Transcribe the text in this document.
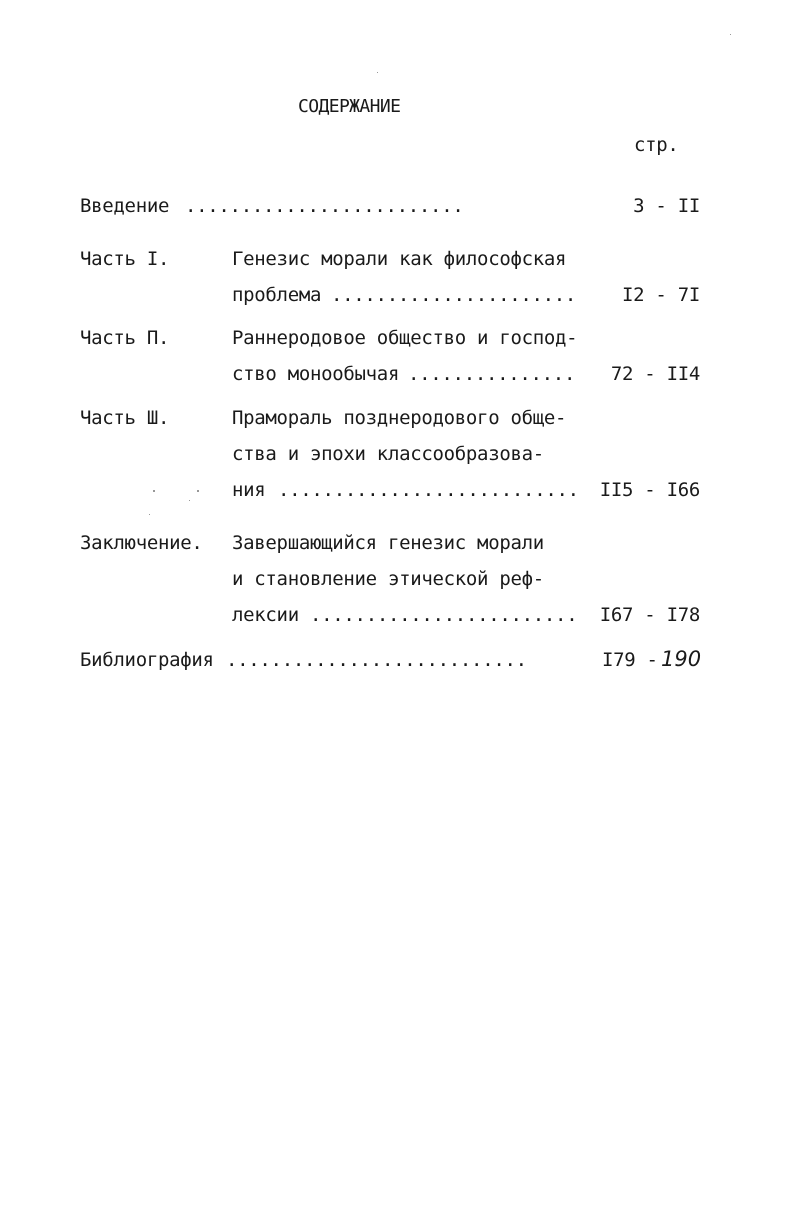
СОДЕРЖАНИЕ
стр.
Введение .........................	3 - II
Часть I.	Генезис морали как философская
проблема ...................... I2 - 7I
Часть П.	Раннеродовое общество и господ-
ство монообычая ............... 72 - II4
Часть Ш.	Прамораль позднеродового обще-
ства и эпохи классообразова-
ния ........................... II5 - I66
Заключение. Завершающийся генезис морали
и становление этической реф-
лексии ........................ I67 - I78
Библиография ...........................	I79 - 190
